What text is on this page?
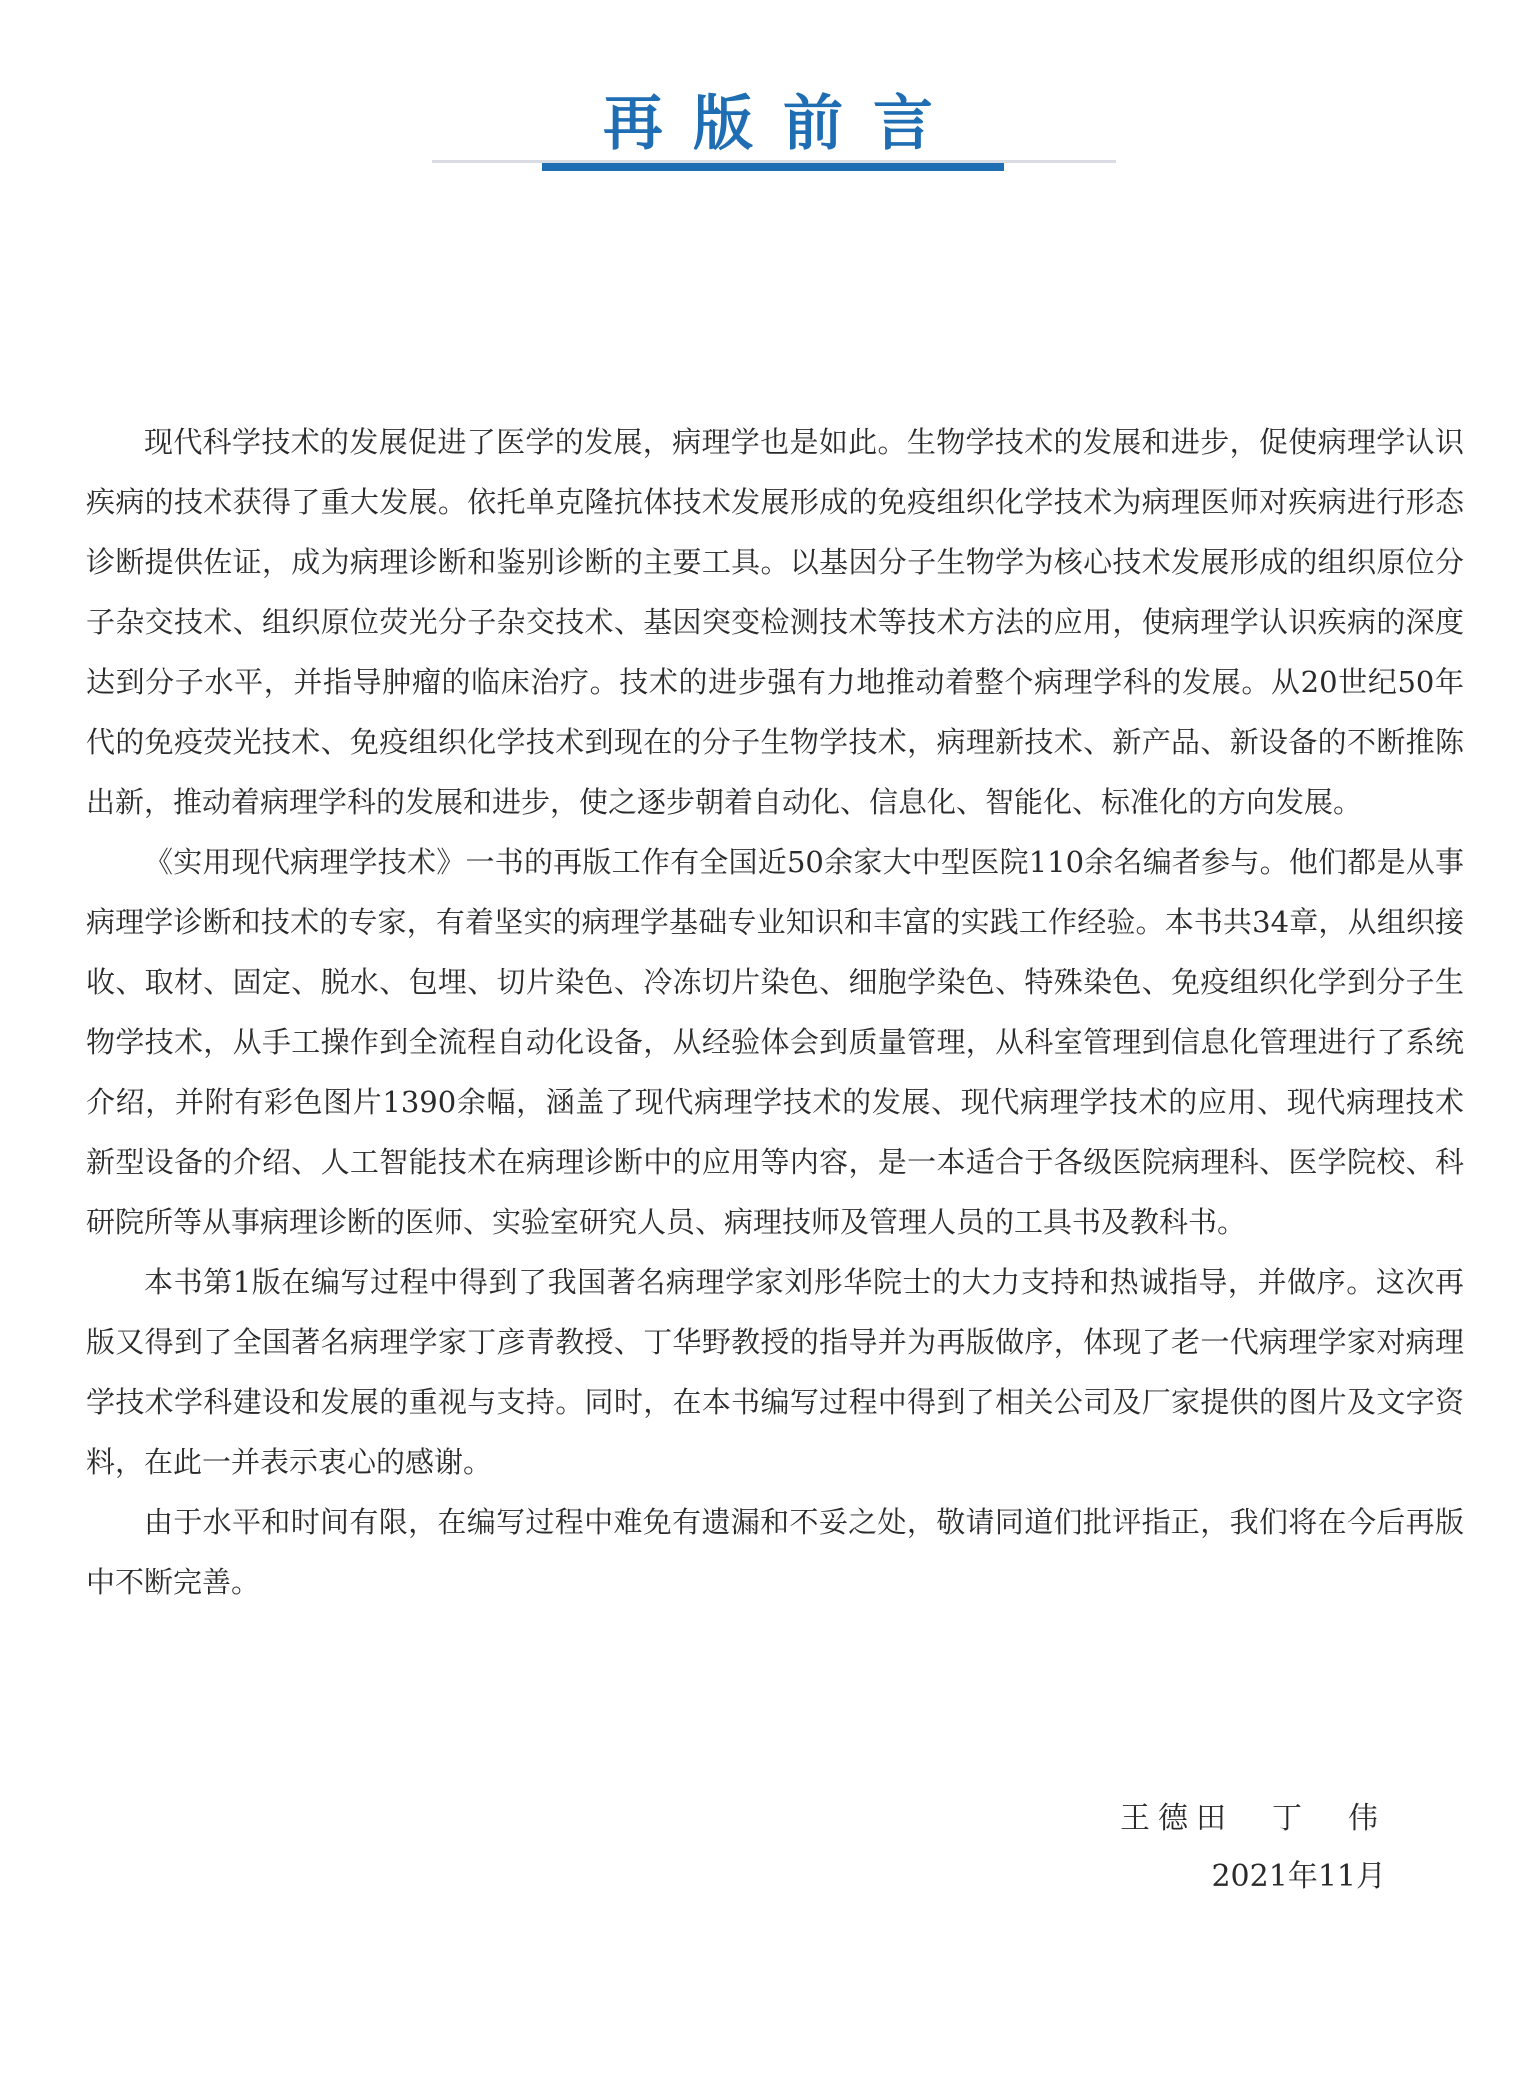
再版前言

现代科学技术的发展促进了医学的发展，病理学也是如此。生物学技术的发展和进步，促使病理学认识疾病的技术获得了重大发展。依托单克隆抗体技术发展形成的免疫组织化学技术为病理医师对疾病进行形态诊断提供佐证，成为病理诊断和鉴别诊断的主要工具。以基因分子生物学为核心技术发展形成的组织原位分子杂交技术、组织原位荧光分子杂交技术、基因突变检测技术等技术方法的应用，使病理学认识疾病的深度达到分子水平，并指导肿瘤的临床治疗。技术的进步强有力地推动着整个病理学科的发展。从20世纪50年代的免疫荧光技术、免疫组织化学技术到现在的分子生物学技术，病理新技术、新产品、新设备的不断推陈出新，推动着病理学科的发展和进步，使之逐步朝着自动化、信息化、智能化、标准化的方向发展。

《实用现代病理学技术》一书的再版工作有全国近50余家大中型医院110余名编者参与。他们都是从事病理学诊断和技术的专家，有着坚实的病理学基础专业知识和丰富的实践工作经验。本书共34章，从组织接收、取材、固定、脱水、包埋、切片染色、冷冻切片染色、细胞学染色、特殊染色、免疫组织化学到分子生物学技术，从手工操作到全流程自动化设备，从经验体会到质量管理，从科室管理到信息化管理进行了系统介绍，并附有彩色图片1390余幅，涵盖了现代病理学技术的发展、现代病理学技术的应用、现代病理技术新型设备的介绍、人工智能技术在病理诊断中的应用等内容，是一本适合于各级医院病理科、医学院校、科研院所等从事病理诊断的医师、实验室研究人员、病理技师及管理人员的工具书及教科书。

本书第1版在编写过程中得到了我国著名病理学家刘彤华院士的大力支持和热诚指导，并做序。这次再版又得到了全国著名病理学家丁彦青教授、丁华野教授的指导并为再版做序，体现了老一代病理学家对病理学技术学科建设和发展的重视与支持。同时，在本书编写过程中得到了相关公司及厂家提供的图片及文字资料，在此一并表示衷心的感谢。

由于水平和时间有限，在编写过程中难免有遗漏和不妥之处，敬请同道们批评指正，我们将在今后再版中不断完善。

王德田　丁　伟
2021年11月
